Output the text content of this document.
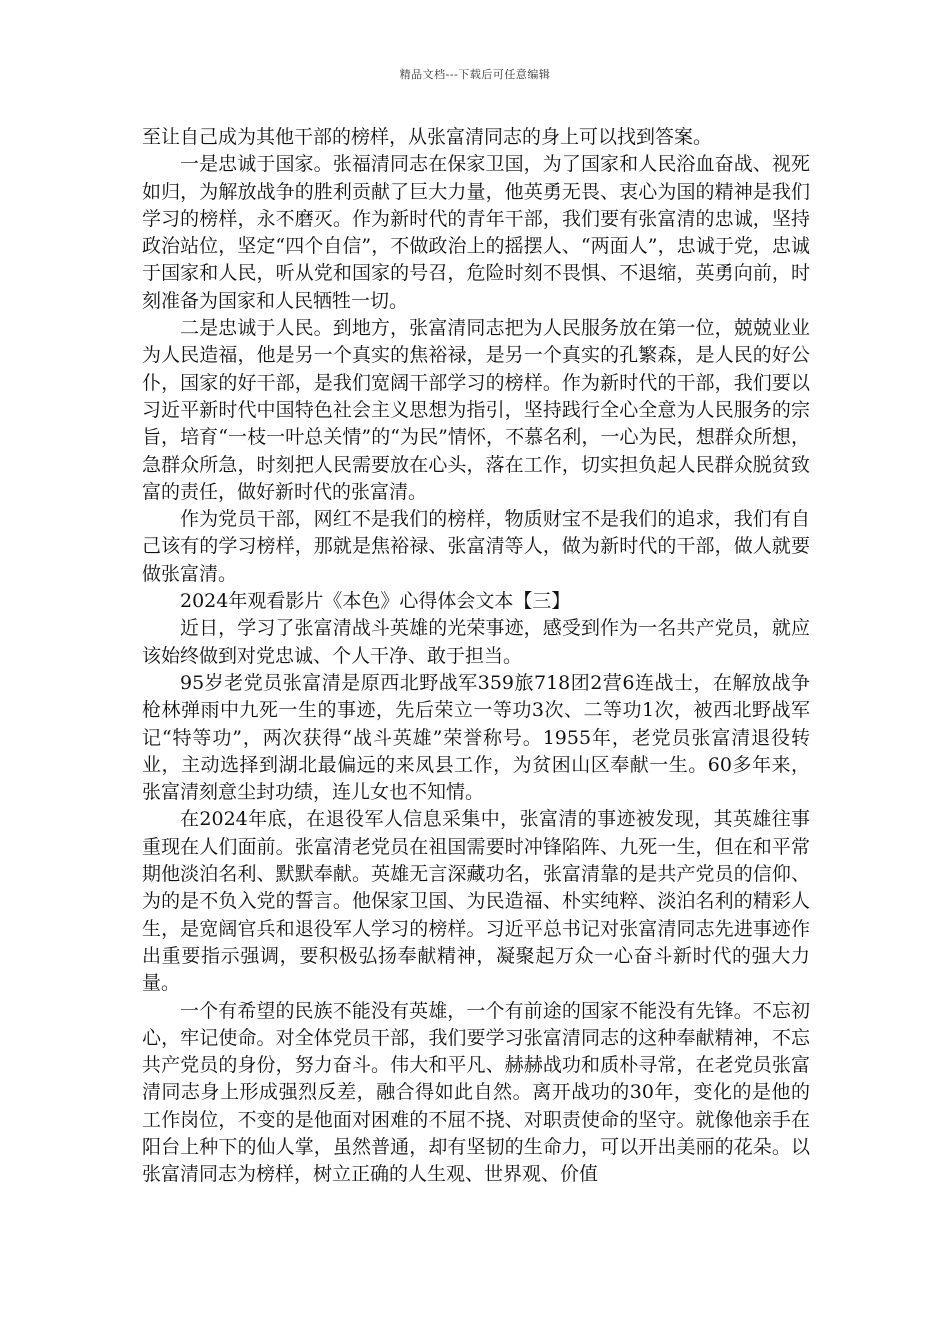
精品文档---下载后可任意编辑

至让自己成为其他干部的榜样，从张富清同志的身上可以找到答案。

一是忠诚于国家。张福清同志在保家卫国，为了国家和人民浴血奋战、视死如归，为解放战争的胜利贡献了巨大力量，他英勇无畏、衷心为国的精神是我们学习的榜样，永不磨灭。作为新时代的青年干部，我们要有张富清的忠诚，坚持政治站位，坚定“四个自信”，不做政治上的摇摆人、“两面人”，忠诚于党，忠诚于国家和人民，听从党和国家的号召，危险时刻不畏惧、不退缩，英勇向前，时刻准备为国家和人民牺牲一切。

二是忠诚于人民。到地方，张富清同志把为人民服务放在第一位，兢兢业业为人民造福，他是另一个真实的焦裕禄，是另一个真实的孔繁森，是人民的好公仆，国家的好干部，是我们宽阔干部学习的榜样。作为新时代的干部，我们要以习近平新时代中国特色社会主义思想为指引，坚持践行全心全意为人民服务的宗旨，培育“一枝一叶总关情”的“为民”情怀，不慕名利，一心为民，想群众所想，急群众所急，时刻把人民需要放在心头，落在工作，切实担负起人民群众脱贫致富的责任，做好新时代的张富清。

作为党员干部，网红不是我们的榜样，物质财宝不是我们的追求，我们有自己该有的学习榜样，那就是焦裕禄、张富清等人，做为新时代的干部，做人就要做张富清。

2024年观看影片《本色》心得体会文本【三】

近日，学习了张富清战斗英雄的光荣事迹，感受到作为一名共产党员，就应该始终做到对党忠诚、个人干净、敢于担当。

95岁老党员张富清是原西北野战军359旅718团2营6连战士，在解放战争枪林弹雨中九死一生的事迹，先后荣立一等功3次、二等功1次，被西北野战军记“特等功”，两次获得“战斗英雄”荣誉称号。1955年，老党员张富清退役转业，主动选择到湖北最偏远的来凤县工作，为贫困山区奉献一生。60多年来，张富清刻意尘封功绩，连儿女也不知情。

在2024年底，在退役军人信息采集中，张富清的事迹被发现，其英雄往事重现在人们面前。张富清老党员在祖国需要时冲锋陷阵、九死一生，但在和平常期他淡泊名利、默默奉献。英雄无言深藏功名，张富清靠的是共产党员的信仰、为的是不负入党的誓言。他保家卫国、为民造福、朴实纯粹、淡泊名利的精彩人生，是宽阔官兵和退役军人学习的榜样。习近平总书记对张富清同志先进事迹作出重要指示强调，要积极弘扬奉献精神，凝聚起万众一心奋斗新时代的强大力量。

一个有希望的民族不能没有英雄，一个有前途的国家不能没有先锋。不忘初心，牢记使命。对全体党员干部，我们要学习张富清同志的这种奉献精神，不忘共产党员的身份，努力奋斗。伟大和平凡、赫赫战功和质朴寻常，在老党员张富清同志身上形成强烈反差，融合得如此自然。离开战功的30年，变化的是他的工作岗位，不变的是他面对困难的不屈不挠、对职责使命的坚守。就像他亲手在阳台上种下的仙人掌，虽然普通，却有坚韧的生命力，可以开出美丽的花朵。以张富清同志为榜样，树立正确的人生观、世界观、价值
